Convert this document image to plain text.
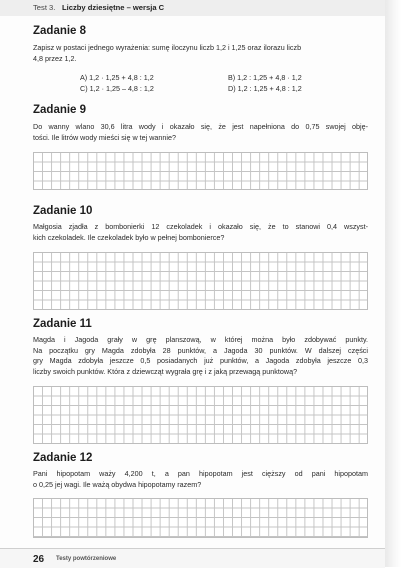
Test 3. Liczby dziesiętne – wersja C
Zadanie 8

Zapisz w postaci jednego wyrażenia: sumę iloczynu liczb 1,2 i 1,25 oraz ilorazu liczb
4,8 przez 1,2.

A) 1,2 · 1,25 + 4,8 : 1,2	B) 1,2 : 1,25 + 4,8 · 1,2
C) 1,2 · 1,25 – 4,8 : 1,2	D) 1,2 : 1,25 + 4,8 : 1,2
Zadanie 9

Do wanny wlano 30,6 litra wody i okazało się, że jest napełniona do 0,75 swojej obję-
tości. Ile litrów wody mieści się w tej wannie?

Zadanie 10

Małgosia zjadła z bombonierki 12 czekoladek i okazało się, że to stanowi 0,4 wszyst-
kich czekoladek. Ile czekoladek było w pełnej bombonierce?

Zadanie 11

Magda i Jagoda grały w grę planszową, w której można było zdobywać punkty.
Na początku gry Magda zdobyła 28 punktów, a Jagoda 30 punktów. W dalszej części
gry Magda zdobyła jeszcze 0,5 posiadanych już punktów, a Jagoda zdobyła jeszcze 0,3
liczby swoich punktów. Która z dziewcząt wygrała grę i z jaką przewagą punktową?

Zadanie 12

Pani hipopotam waży 4,200 t, a pan hipopotam jest cięższy od pani hipopotam
o 0,25 jej wagi. Ile ważą obydwa hipopotamy razem?

26 Testy powtórzeniowe
